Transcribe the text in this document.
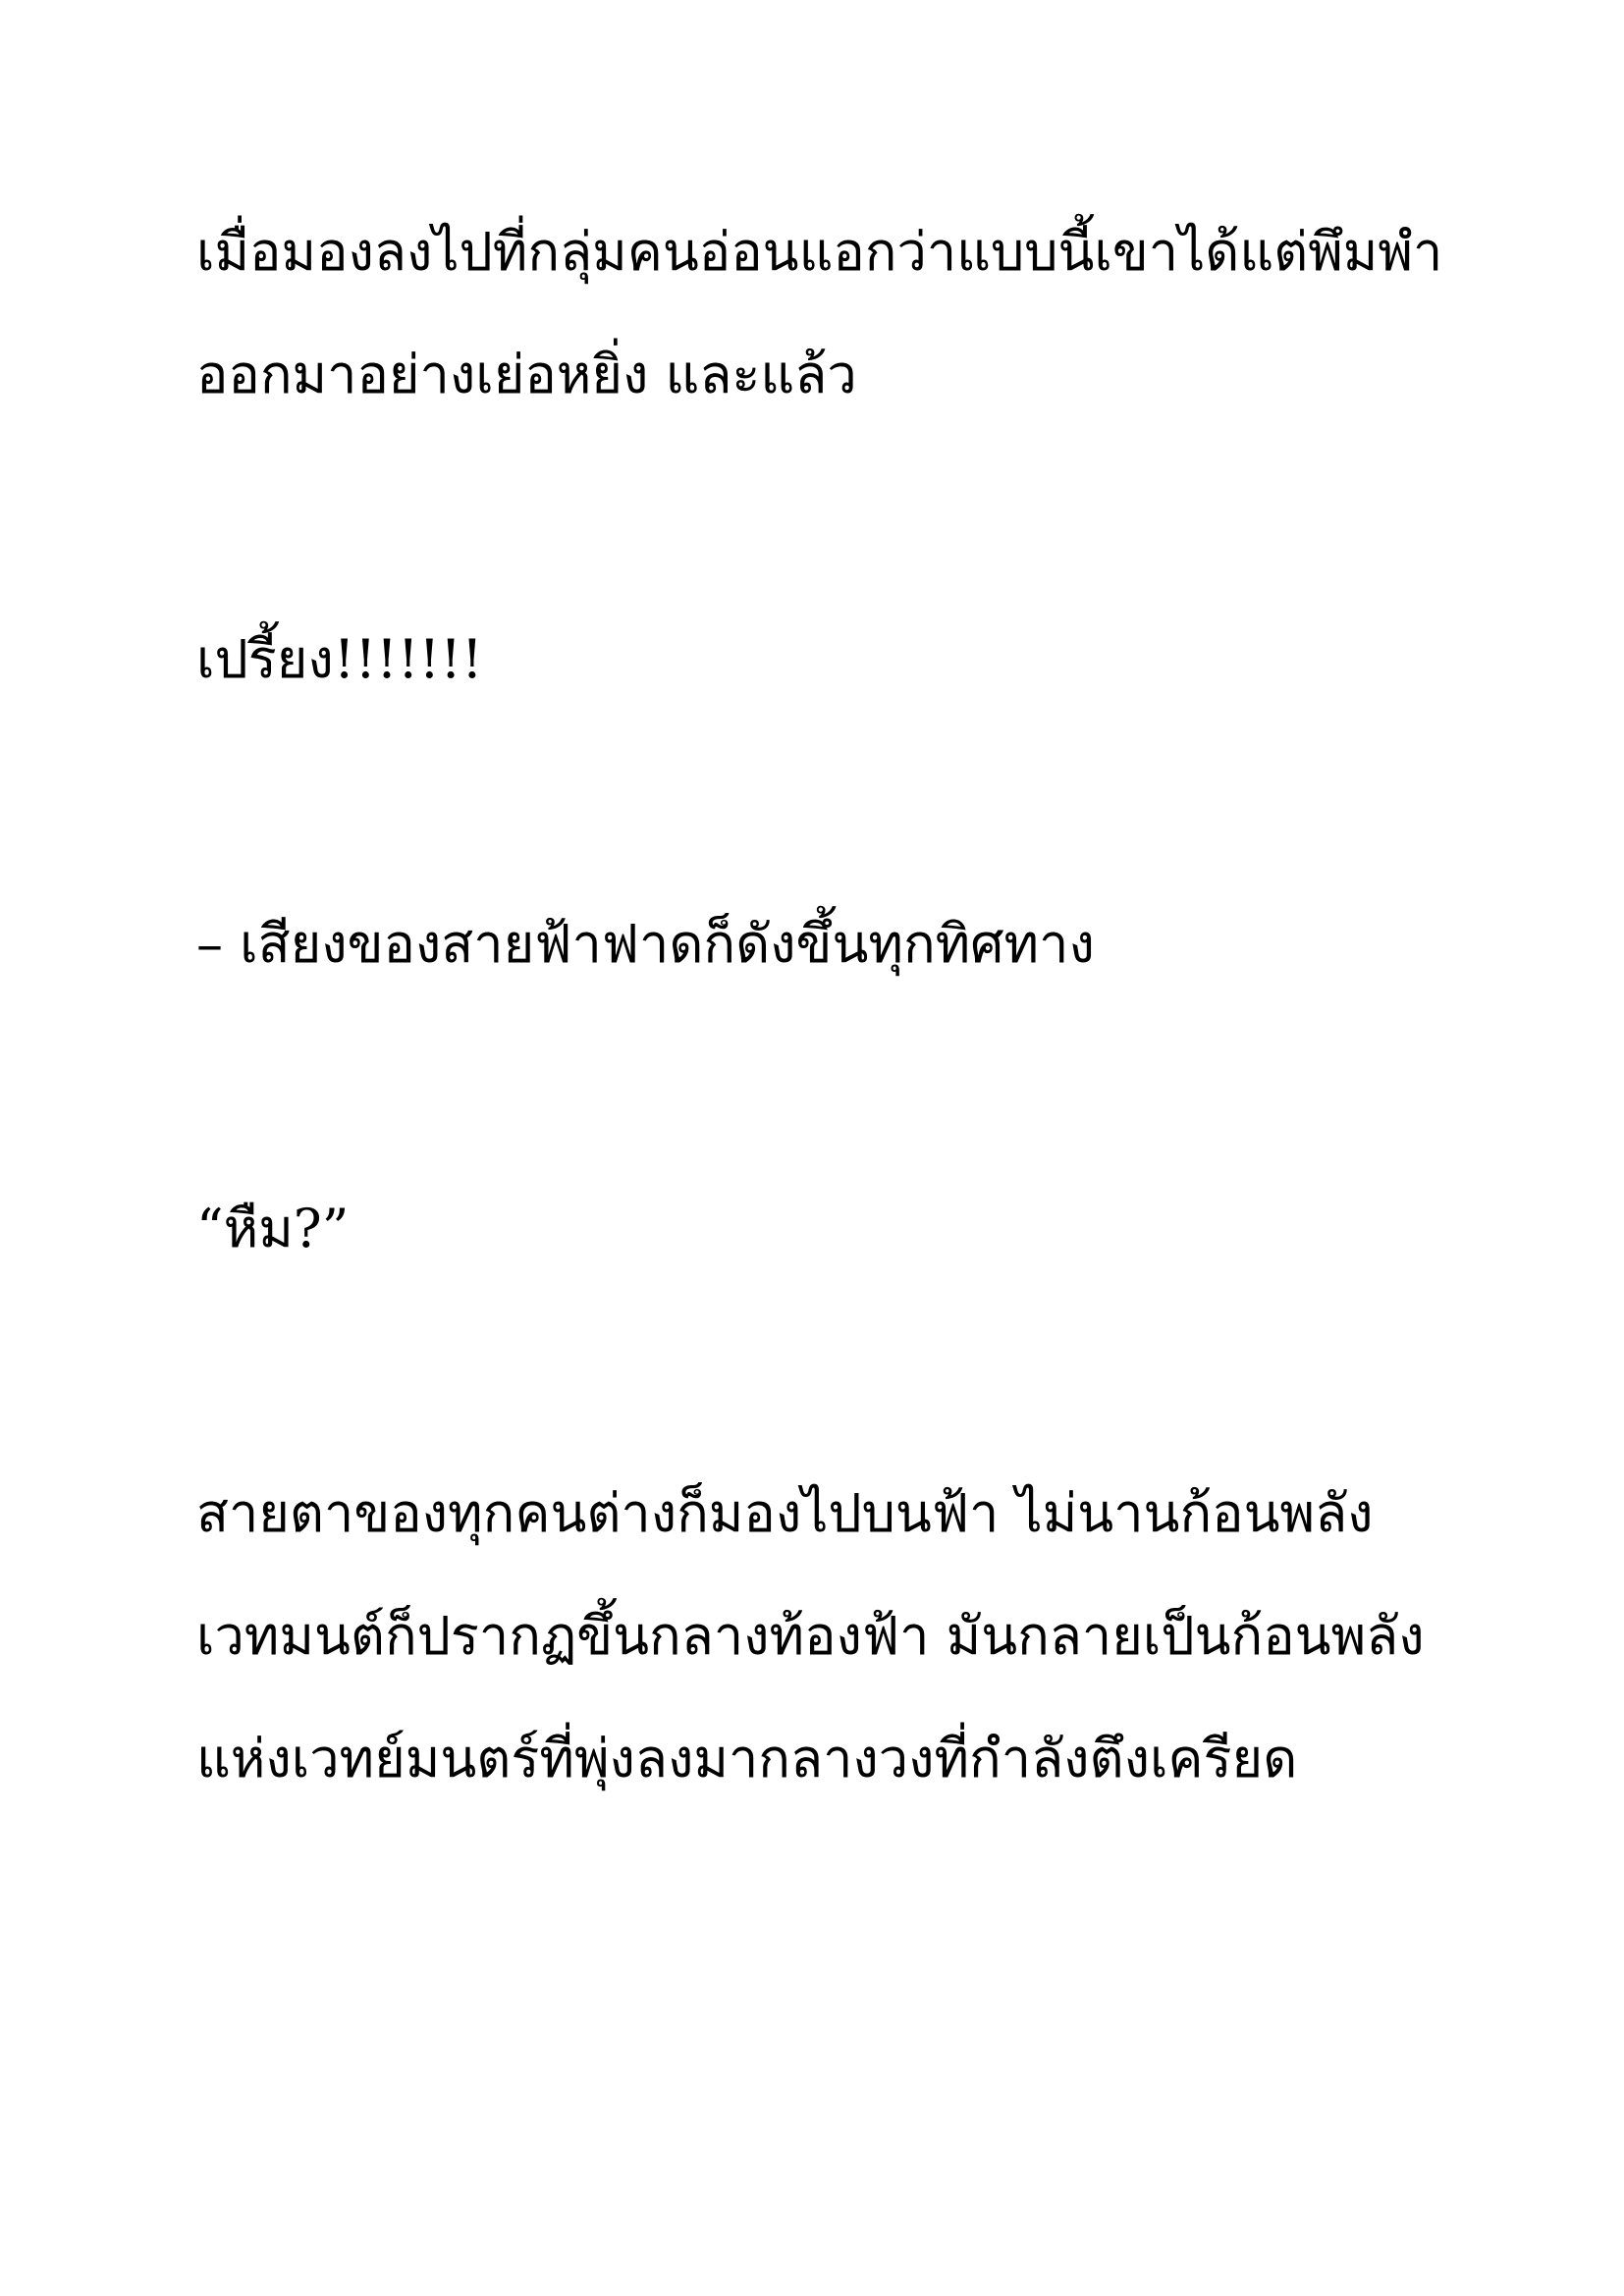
เมื่อมองลงไปที่กลุ่มคนอ่อนแอกว่าแบบนี้เขาได้แต่พึมพำ

ออกมาอย่างเย่อหยิ่ง และแล้ว

เปรี้ยง!!!!!!!

– เสียงของสายฟ้าฟาดก็ดังขึ้นทุกทิศทาง

“หืม?”

สายตาของทุกคนต่างก็มองไปบนฟ้า ไม่นานก้อนพลัง

เวทมนต์ก็ปรากฏขึ้นกลางท้องฟ้า มันกลายเป็นก้อนพลัง

แห่งเวทย์มนตร์ที่พุ่งลงมากลางวงที่กำลังตึงเครียด
